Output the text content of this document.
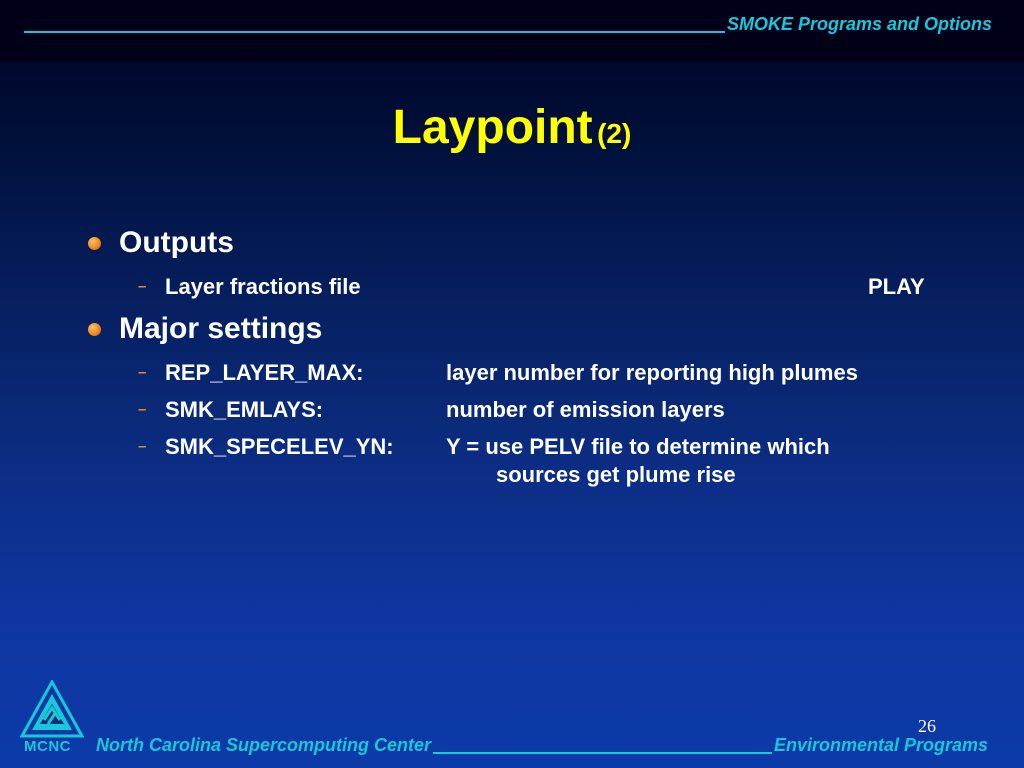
SMOKE Programs and Options
Laypoint (2)
Outputs
– Layer fractions file	PLAY
Major settings
– REP_LAYER_MAX:	layer number for reporting high plumes
– SMK_EMLAYS:	number of emission layers
– SMK_SPECELEV_YN: Y = use PELV file to determine which
sources get plume rise
MCNC
26
North Carolina Supercomputing Center	Environmental Programs
